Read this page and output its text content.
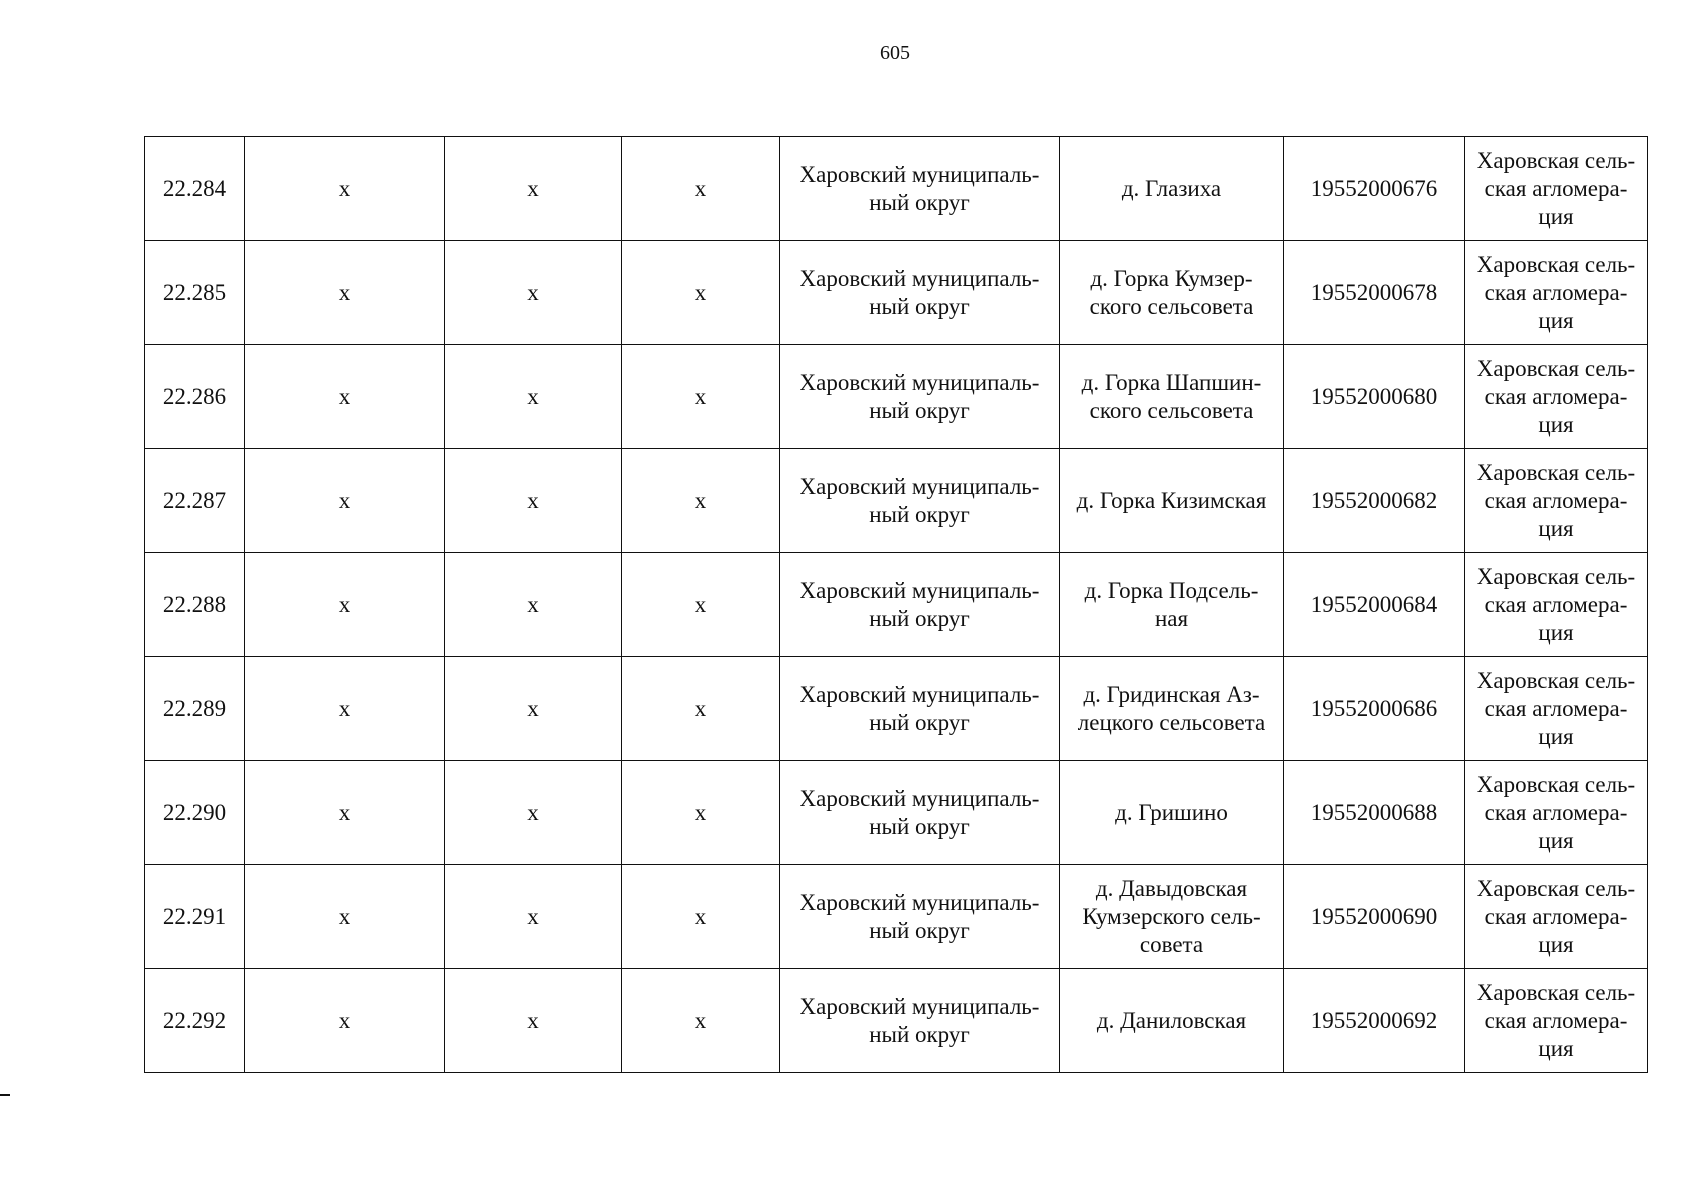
605
22.284	х	х	х	Харовский муниципаль-
ный округ	д. Глазиха	19552000676	Харовская сель-
ская агломера-
ция
22.285	х	х	х	Харовский муниципаль-
ный округ	д. Горка Кумзер-
ского сельсовета	19552000678	Харовская сель-
ская агломера-
ция
22.286	х	х	х	Харовский муниципаль-
ный округ	д. Горка Шапшин-
ского сельсовета	19552000680	Харовская сель-
ская агломера-
ция
22.287	х	х	х	Харовский муниципаль-
ный округ	д. Горка Кизимская	19552000682	Харовская сель-
ская агломера-
ция
22.288	х	х	х	Харовский муниципаль-
ный округ	д. Горка Подсель-
ная	19552000684	Харовская сель-
ская агломера-
ция
22.289	х	х	х	Харовский муниципаль-
ный округ	д. Гридинская Аз-
лецкого сельсовета	19552000686	Харовская сель-
ская агломера-
ция
22.290	х	х	х	Харовский муниципаль-
ный округ	д. Гришино	19552000688	Харовская сель-
ская агломера-
ция
22.291	х	х	х	Харовский муниципаль-
ный округ	д. Давыдовская
Кумзерского сель-
совета	19552000690	Харовская сель-
ская агломера-
ция
22.292	х	х	х	Харовский муниципаль-
ный округ	д. Даниловская	19552000692	Харовская сель-
ская агломера-
ция
